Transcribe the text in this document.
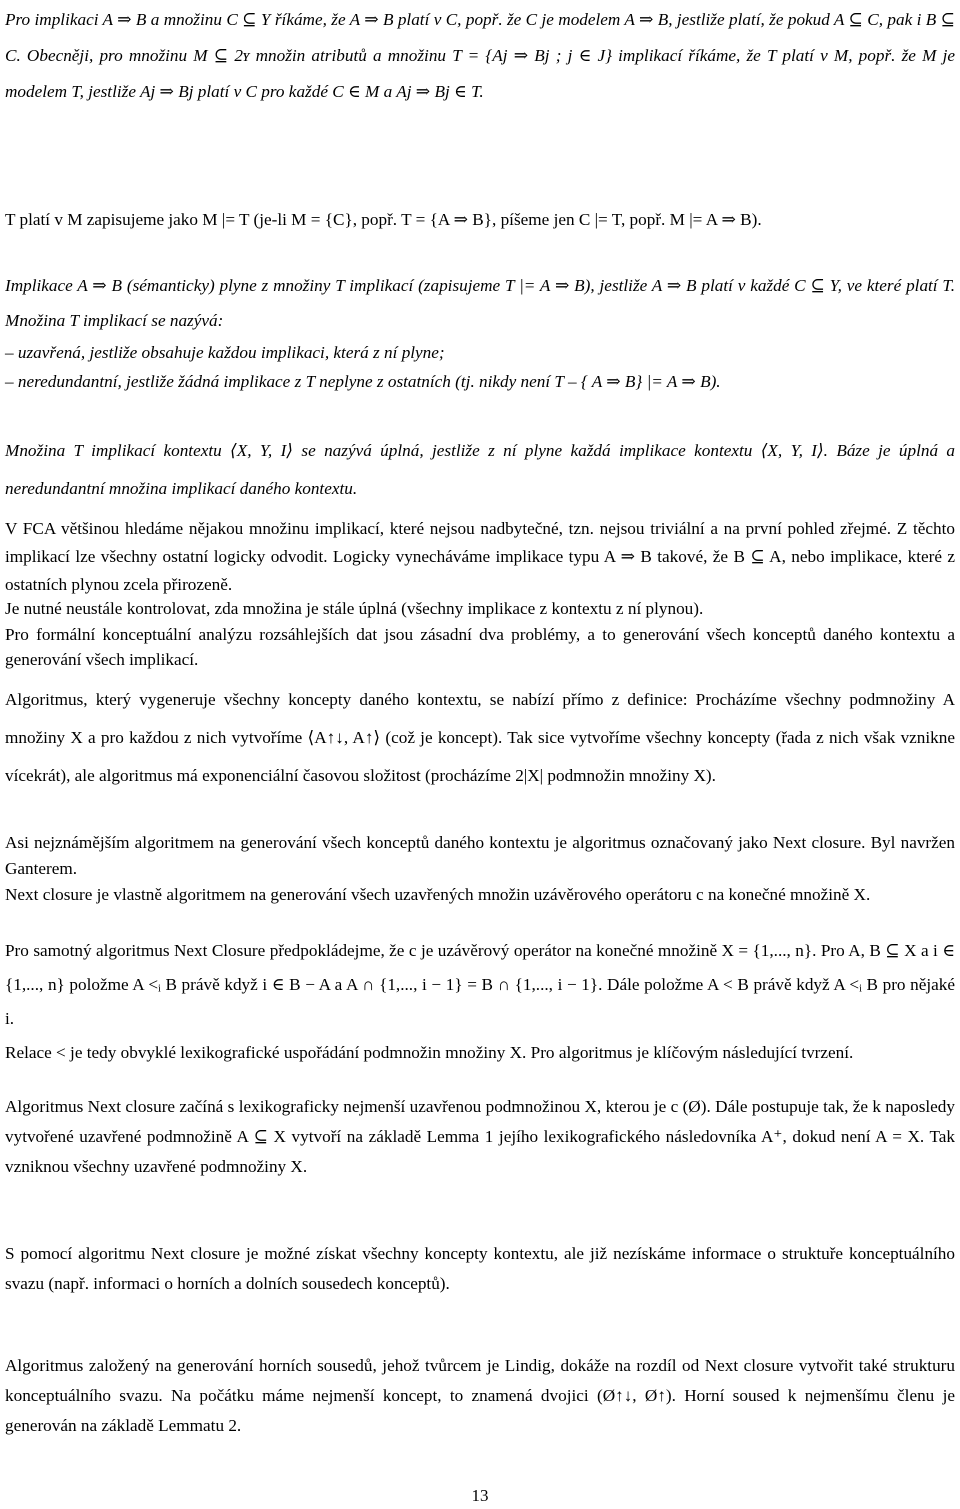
Pro implikaci A ⇒ B a množinu C ⊆ Y říkáme, že A ⇒ B platí v C, popř. že C je modelem A ⇒ B, jestliže platí, že pokud A ⊆ C, pak i B ⊆ C. Obecněji, pro množinu M ⊆ 2ʏ množin atributů a množinu T = {Aj ⇒ Bj ; j ∈ J} implikací říkáme, že T platí v M, popř. že M je modelem T, jestliže Aj ⇒ Bj platí v C pro každé C ∈ M a Aj ⇒ Bj ∈ T.

T platí v M zapisujeme jako M |= T (je-li M = {C}, popř. T = {A ⇒ B}, píšeme jen C |= T, popř. M |= A ⇒ B).

Implikace A ⇒ B (sémanticky) plyne z množiny T implikací (zapisujeme T |= A ⇒ B), jestliže A ⇒ B platí v každé C ⊆ Y, ve které platí T. Množina T implikací se nazývá:

– uzavřená, jestliže obsahuje každou implikaci, která z ní plyne;

– neredundantní, jestliže žádná implikace z T neplyne z ostatních (tj. nikdy není T – { A ⇒ B} |= A ⇒ B).

Množina T implikací kontextu ⟨X, Y, I⟩ se nazývá úplná, jestliže z ní plyne každá implikace kontextu ⟨X, Y, I⟩. Báze je úplná a neredundantní množina implikací daného kontextu.

V FCA většinou hledáme nějakou množinu implikací, které nejsou nadbytečné, tzn. nejsou triviální a na první pohled zřejmé. Z těchto implikací lze všechny ostatní logicky odvodit. Logicky vynecháváme implikace typu A ⇒ B takové, že B ⊆ A, nebo implikace, které z ostatních plynou zcela přirozeně.

Je nutné neustále kontrolovat, zda množina je stále úplná (všechny implikace z kontextu z ní plynou).

Pro formální konceptuální analýzu rozsáhlejších dat jsou zásadní dva problémy, a to generování všech konceptů daného kontextu a generování všech implikací.

Algoritmus, který vygeneruje všechny koncepty daného kontextu, se nabízí přímo z definice: Procházíme všechny podmnožiny A množiny X a pro každou z nich vytvoříme ⟨A↑↓, A↑⟩ (což je koncept). Tak sice vytvoříme všechny koncepty (řada z nich však vznikne vícekrát), ale algoritmus má exponenciální časovou složitost (procházíme 2|X| podmnožin množiny X).

Asi nejznámějším algoritmem na generování všech konceptů daného kontextu je algoritmus označovaný jako Next closure. Byl navržen Ganterem.

Next closure je vlastně algoritmem na generování všech uzavřených množin uzávěrového operátoru c na konečné množině X.

Pro samotný algoritmus Next Closure předpokládejme, že c je uzávěrový operátor na konečné množině X = {1,..., n}. Pro A, B ⊆ X a i ∈ {1,..., n} položme A <ᵢ B právě když i ∈ B − A a A ∩ {1,..., i − 1} = B ∩ {1,..., i − 1}. Dále položme A < B právě když A <ᵢ B pro nějaké i.

Relace < je tedy obvyklé lexikografické uspořádání podmnožin množiny X. Pro algoritmus je klíčovým následující tvrzení.

Algoritmus Next closure začíná s lexikograficky nejmenší uzavřenou podmnožinou X, kterou je c (Ø). Dále postupuje tak, že k naposledy vytvořené uzavřené podmnožině A ⊆ X vytvoří na základě Lemma 1 jejího lexikografického následovníka A⁺, dokud není A = X. Tak vzniknou všechny uzavřené podmnožiny X.

S pomocí algoritmu Next closure je možné získat všechny koncepty kontextu, ale již nezískáme informace o struktuře konceptuálního svazu (např. informaci o horních a dolních sousedech konceptů).

Algoritmus založený na generování horních sousedů, jehož tvůrcem je Lindig, dokáže na rozdíl od Next closure vytvořit také strukturu konceptuálního svazu. Na počátku máme nejmenší koncept, to znamená dvojici (Ø↑↓, Ø↑). Horní soused k nejmenšímu členu je generován na základě Lemmatu 2.

13
